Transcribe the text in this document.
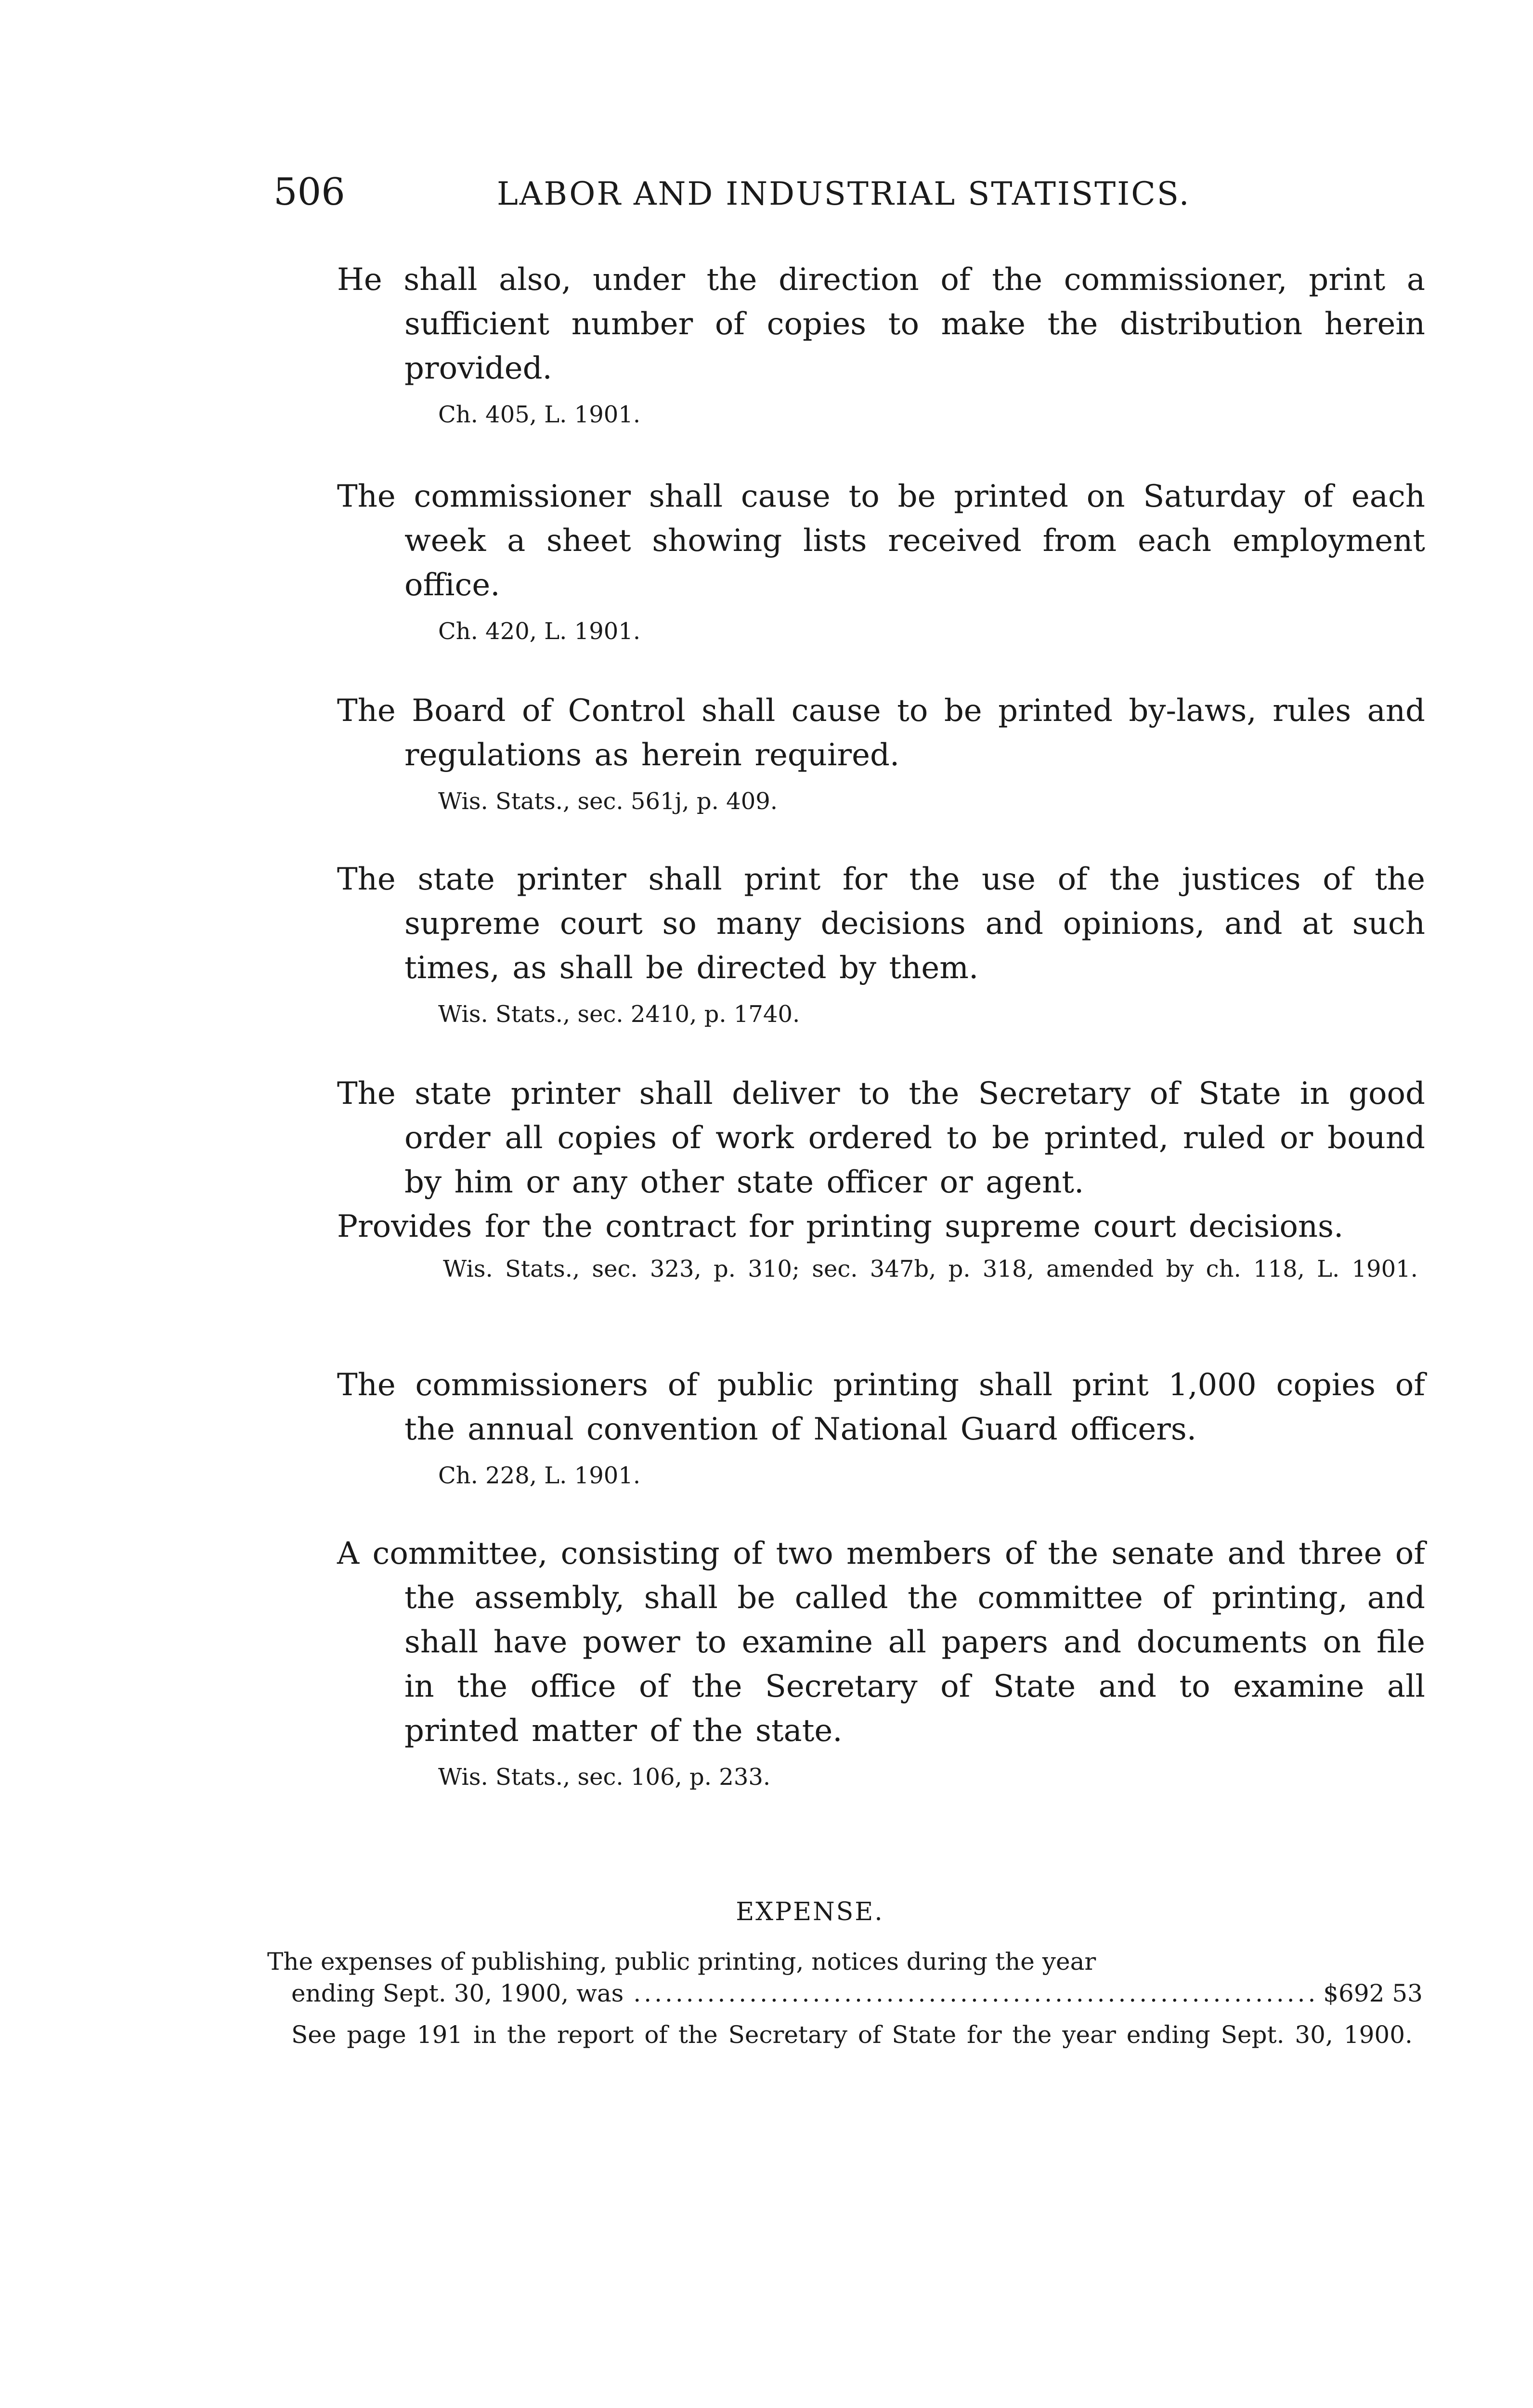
506	LABOR AND INDUSTRIAL STATISTICS.
He shall also, under the direction of the commissioner, print a sufficient number of copies to make the distribution herein provided.
Ch. 405, L. 1901.
The commissioner shall cause to be printed on Saturday of each week a sheet showing lists received from each employment office.
Ch. 420, L. 1901.
The Board of Control shall cause to be printed by-laws, rules and regulations as herein required.
Wis. Stats., sec. 561j, p. 409.
The state printer shall print for the use of the justices of the supreme court so many decisions and opinions, and at such times, as shall be directed by them.
Wis. Stats., sec. 2410, p. 1740.
The state printer shall deliver to the Secretary of State in good order all copies of work ordered to be printed, ruled or bound by him or any other state officer or agent.
Provides for the contract for printing supreme court decisions.
Wis. Stats., sec. 323, p. 310; sec. 347b, p. 318, amended by ch. 118, L. 1901.
The commissioners of public printing shall print 1,000 copies of the annual convention of National Guard officers.
Ch. 228, L. 1901.
A committee, consisting of two members of the senate and three of the assembly, shall be called the committee of printing, and shall have power to examine all papers and documents on file in the office of the Secretary of State and to examine all printed matter of the state.
Wis. Stats., sec. 106, p. 233.
EXPENSE.
The expenses of publishing, public printing, notices during the year
ending Sept. 30, 1900, was
.....	$692 53
See page 191 in the report of the Secretary of State for the year ending Sept. 30, 1900.
